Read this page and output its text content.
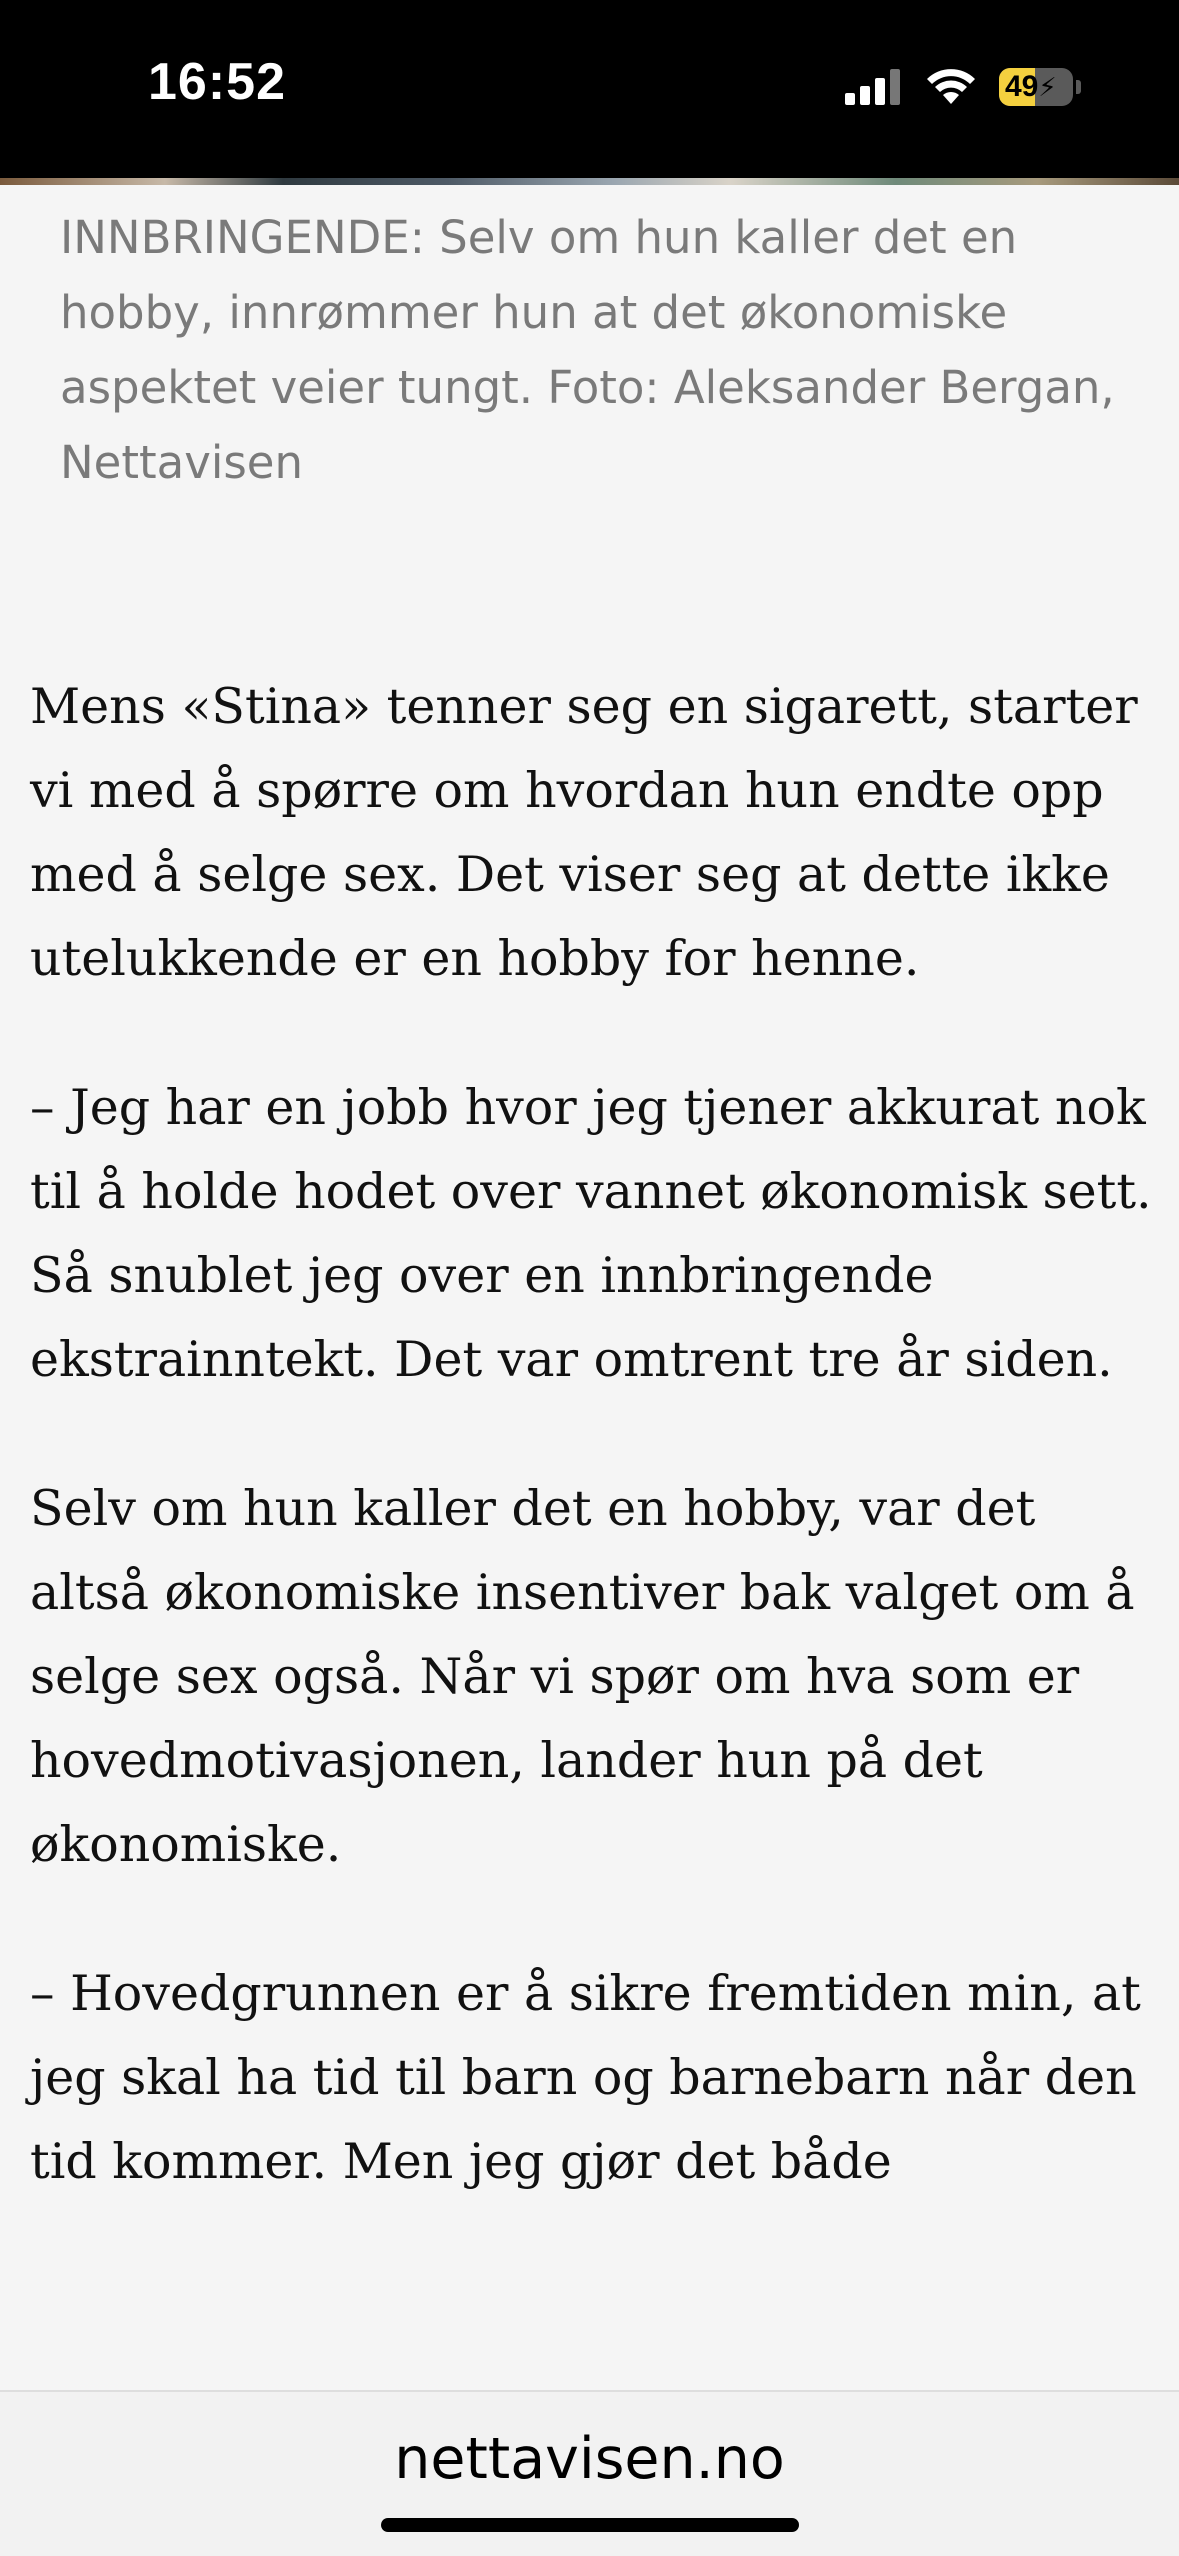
16:52	49⚡

INNBRINGENDE: Selv om hun kaller det en hobby, innrømmer hun at det økonomiske aspektet veier tungt. Foto: Aleksander Bergan, Nettavisen

Mens «Stina» tenner seg en sigarett, starter vi med å spørre om hvordan hun endte opp med å selge sex. Det viser seg at dette ikke utelukkende er en hobby for henne.

– Jeg har en jobb hvor jeg tjener akkurat nok til å holde hodet over vannet økonomisk sett. Så snublet jeg over en innbringende ekstrainntekt. Det var omtrent tre år siden.

Selv om hun kaller det en hobby, var det altså økonomiske insentiver bak valget om å selge sex også. Når vi spør om hva som er hovedmotivasjonen, lander hun på det økonomiske.

– Hovedgrunnen er å sikre fremtiden min, at jeg skal ha tid til barn og barnebarn når den tid kommer. Men jeg gjør det både

nettavisen.no
